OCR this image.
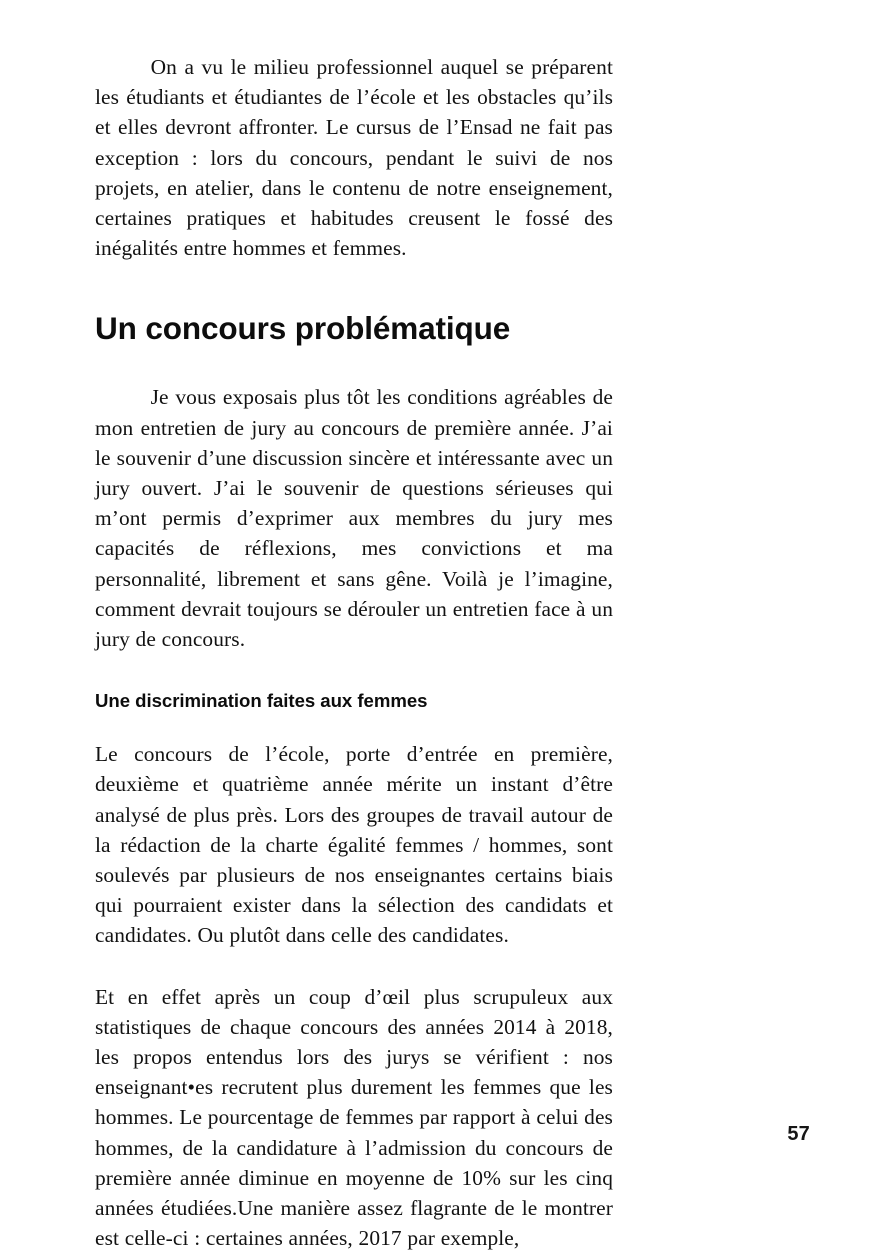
On a vu le milieu professionnel auquel se préparent les étudiants et étudiantes de l’école et les obstacles qu’ils et elles devront affronter. Le cursus de l’Ensad ne fait pas exception : lors du concours, pendant le suivi de nos projets, en atelier, dans le contenu de notre enseignement, certaines pratiques et habitudes creusent le fossé des inégalités entre hommes et femmes.

Un concours problématique

Je vous exposais plus tôt les conditions agréables de mon entretien de jury au concours de première année. J’ai le souvenir d’une discussion sincère et intéressante avec un jury ouvert. J’ai le souvenir de questions sérieuses qui m’ont permis d’exprimer aux membres du jury mes capacités de réflexions, mes convictions et ma personnalité, librement et sans gêne. Voilà je l’imagine, comment devrait toujours se dérouler un entretien face à un jury de concours.

Une discrimination faites aux femmes

Le concours de l’école, porte d’entrée en première, deuxième et quatrième année mérite un instant d’être analysé de plus près. Lors des groupes de travail autour de la rédaction de la charte égalité femmes / hommes, sont soulevés par plusieurs de nos enseignantes certains biais qui pourraient exister dans la sélection des candidats et candidates. Ou plutôt dans celle des candidates.

Et en effet après un coup d’œil plus scrupuleux aux statistiques de chaque concours des années 2014 à 2018, les propos entendus lors des jurys se vérifient : nos enseignant•es recrutent plus durement les femmes que les hommes. Le pourcentage de femmes par rapport à celui des hommes, de la candidature à l’admission du concours de première année diminue en moyenne de 10% sur les cinq années étudiées.Une manière assez flagrante de le montrer est celle-ci : certaines années, 2017 par exemple,

57
